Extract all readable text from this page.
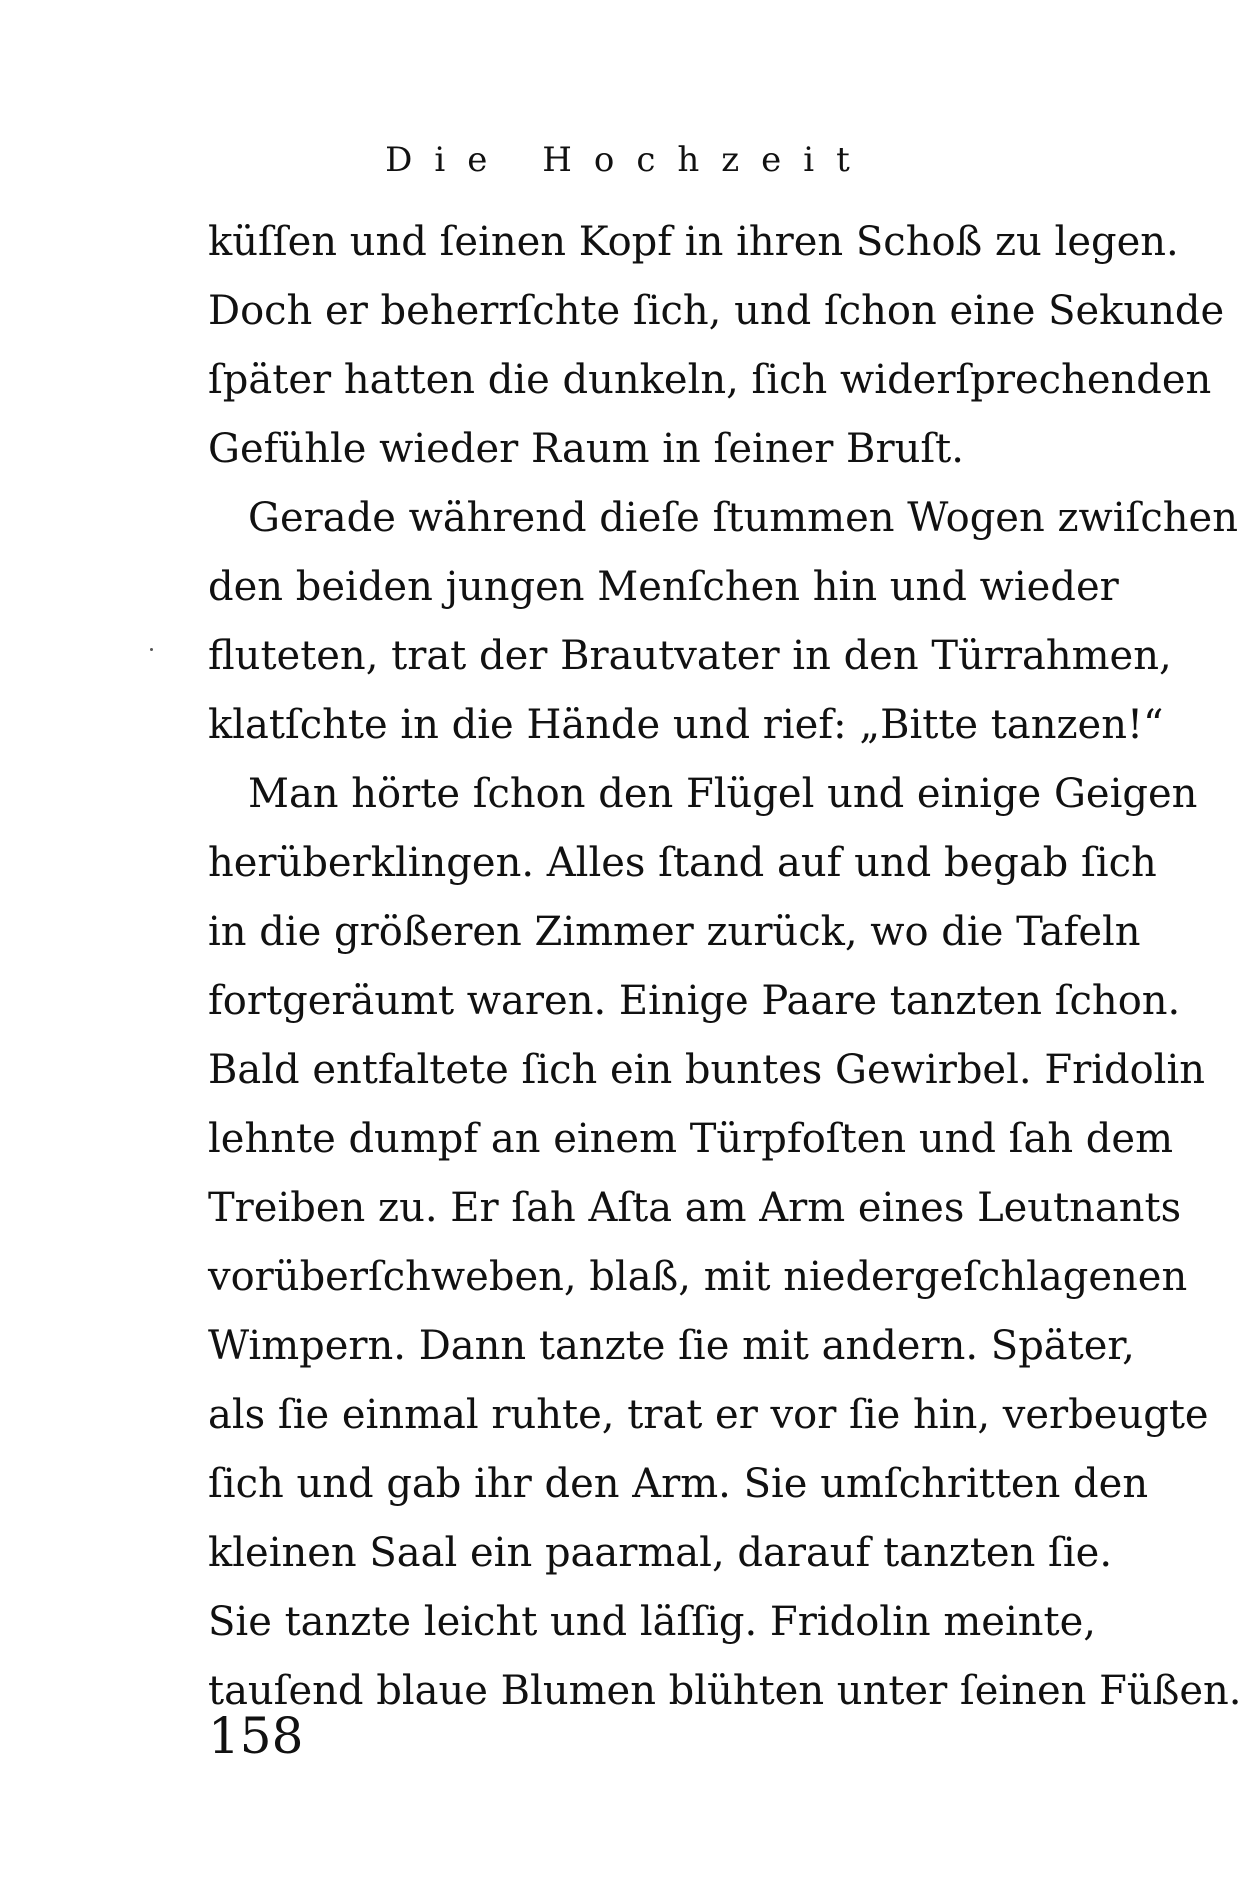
Die Hochzeit
küſſen und ſeinen Kopf in ihren Schoß zu legen.
Doch er beherrſchte ſich, und ſchon eine Sekunde
ſpäter hatten die dunkeln, ſich widerſprechenden
Gefühle wieder Raum in ſeiner Bruſt.
Gerade während dieſe ſtummen Wogen zwiſchen
den beiden jungen Menſchen hin und wieder
fluteten, trat der Brautvater in den Türrahmen,
klatſchte in die Hände und rief: „Bitte tanzen!“
Man hörte ſchon den Flügel und einige Geigen
herüberklingen. Alles ſtand auf und begab ſich
in die größeren Zimmer zurück, wo die Tafeln
fortgeräumt waren. Einige Paare tanzten ſchon.
Bald entfaltete ſich ein buntes Gewirbel. Fridolin
lehnte dumpf an einem Türpfoſten und ſah dem
Treiben zu. Er ſah Aſta am Arm eines Leutnants
vorüberſchweben, blaß, mit niedergeſchlagenen
Wimpern. Dann tanzte ſie mit andern. Später,
als ſie einmal ruhte, trat er vor ſie hin, verbeugte
ſich und gab ihr den Arm. Sie umſchritten den
kleinen Saal ein paarmal, darauf tanzten ſie.
Sie tanzte leicht und läſſig. Fridolin meinte,
tauſend blaue Blumen blühten unter ſeinen Füßen.
158
